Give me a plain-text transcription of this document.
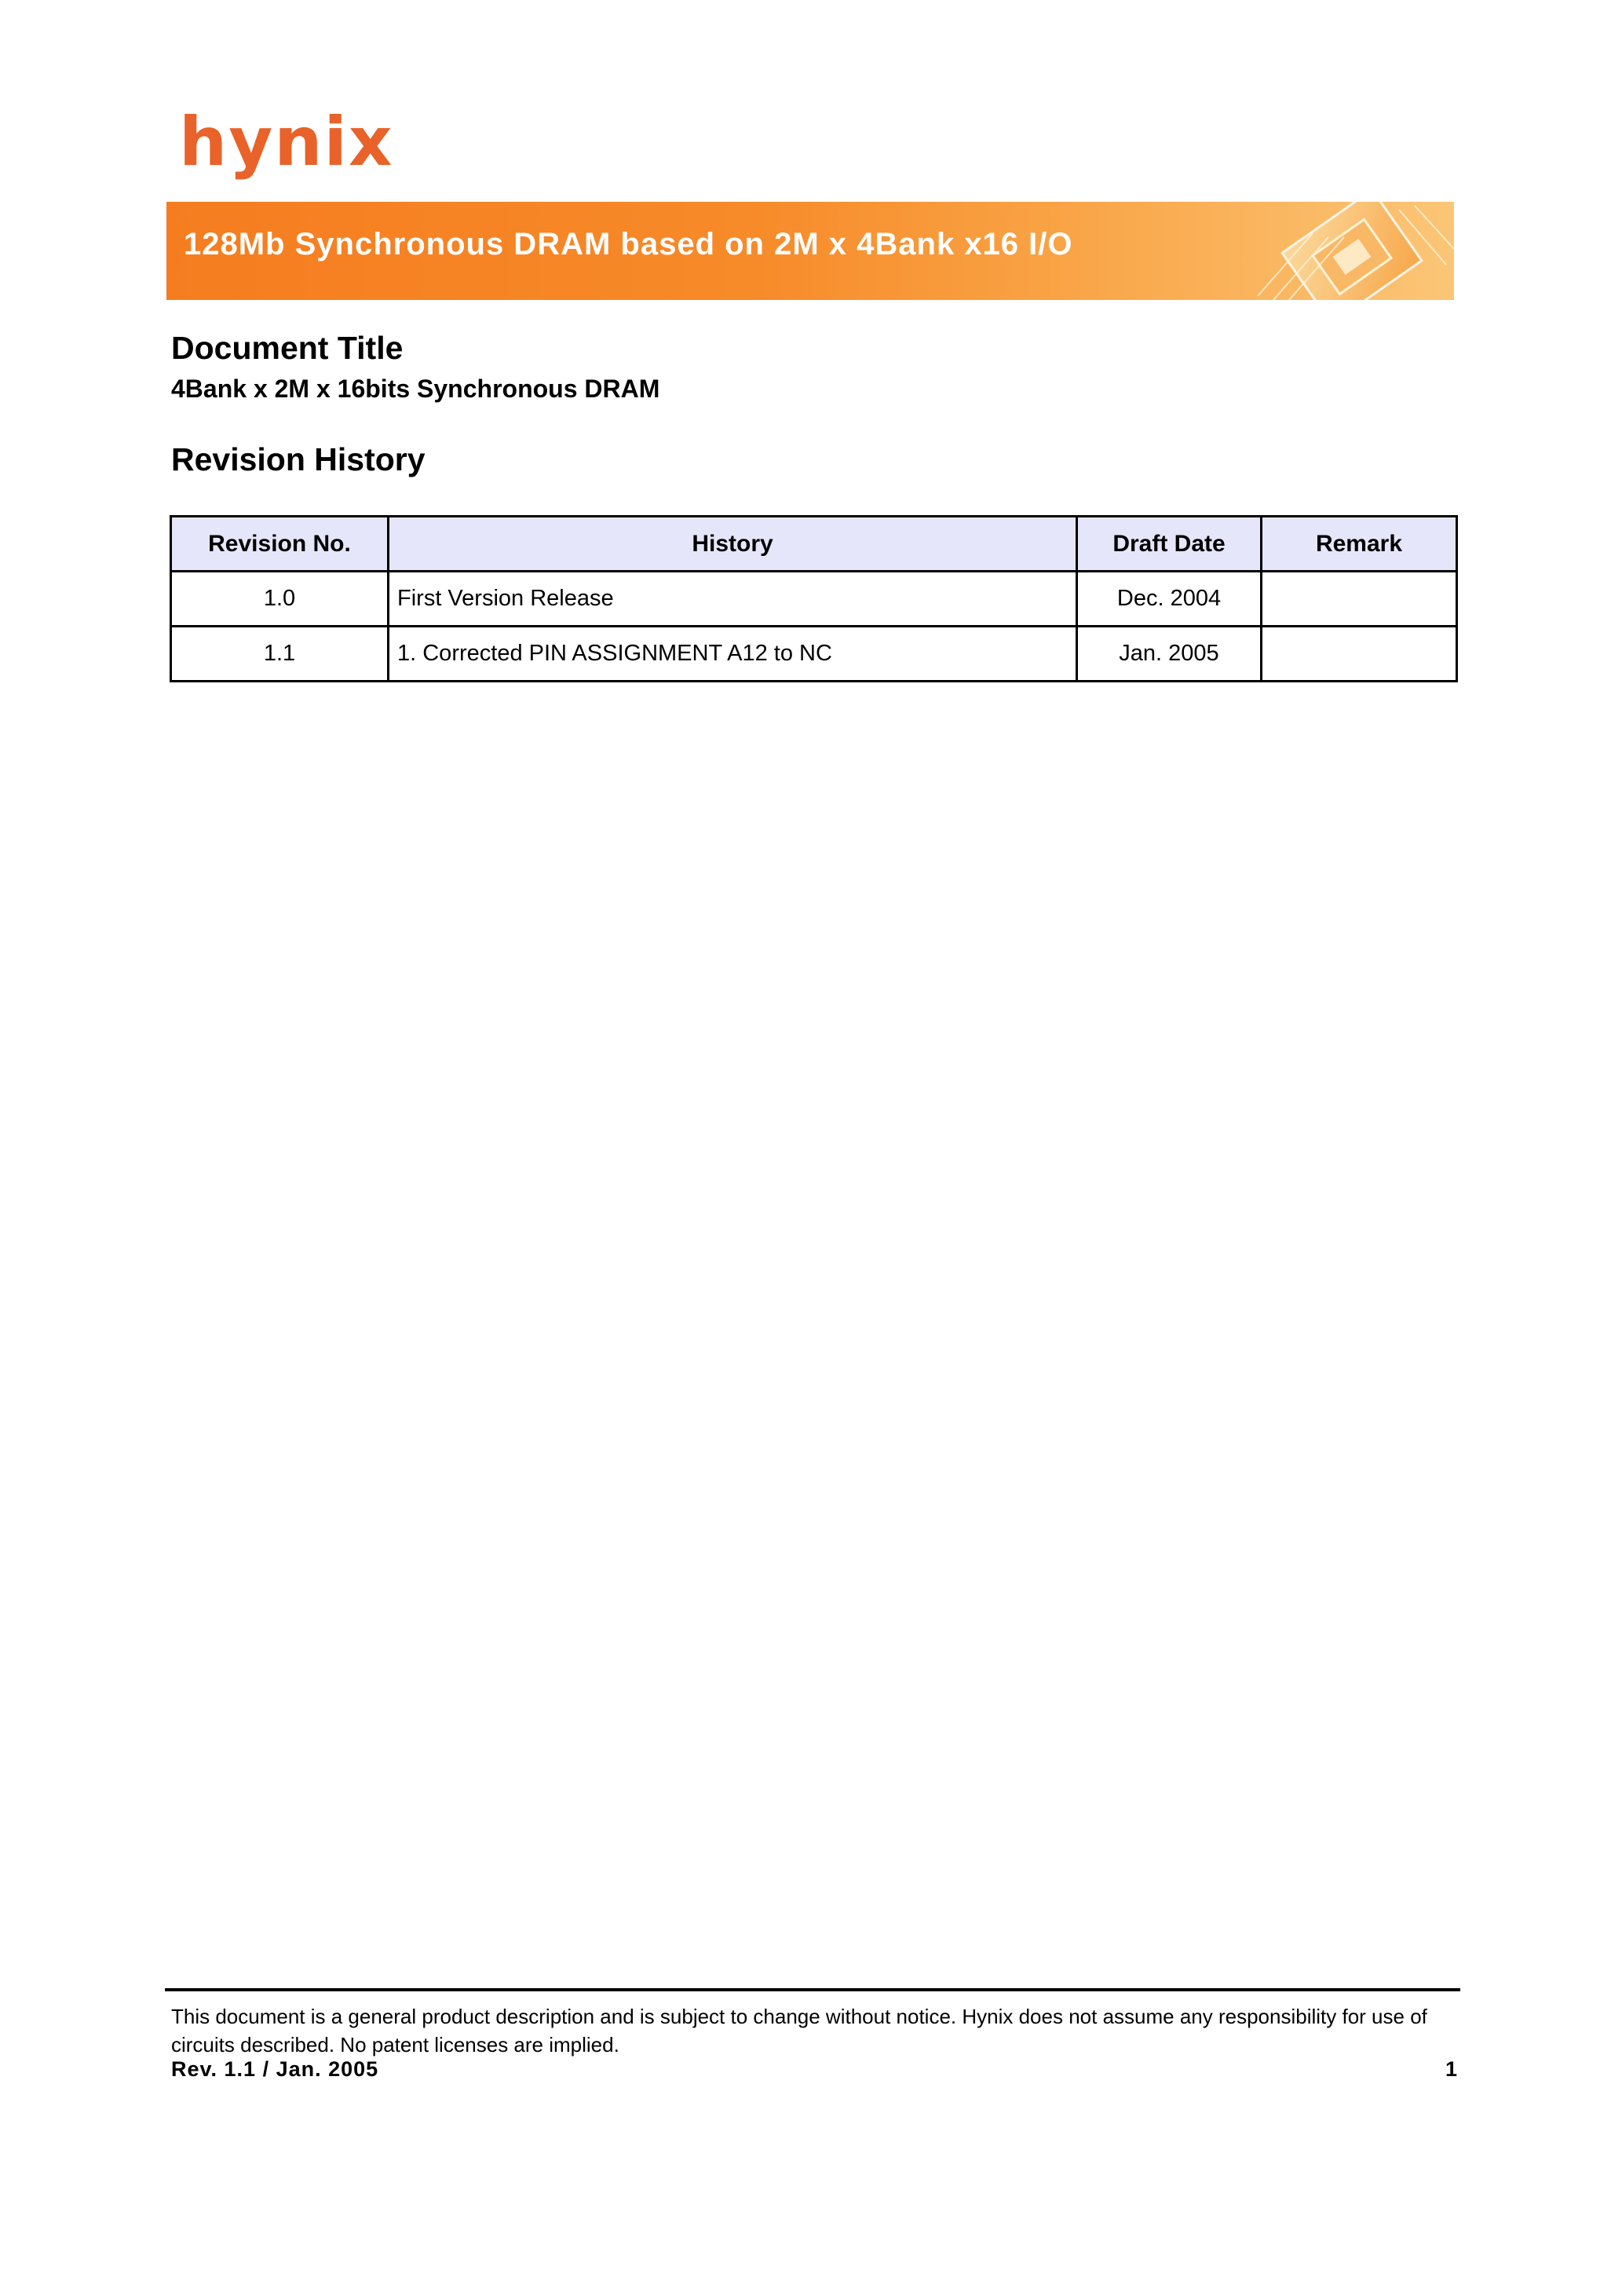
hynix
128Mb Synchronous DRAM based on 2M x 4Bank x16 I/O
Document Title
4Bank x 2M x 16bits Synchronous DRAM
Revision History
Revision No.	History	Draft Date	Remark
1.0	First Version Release	Dec. 2004	
1.1	1. Corrected PIN ASSIGNMENT A12 to NC	Jan. 2005	
This document is a general product description and is subject to change without notice. Hynix does not assume any responsibility for use of circuits described. No patent licenses are implied.
Rev. 1.1 / Jan. 2005	1
